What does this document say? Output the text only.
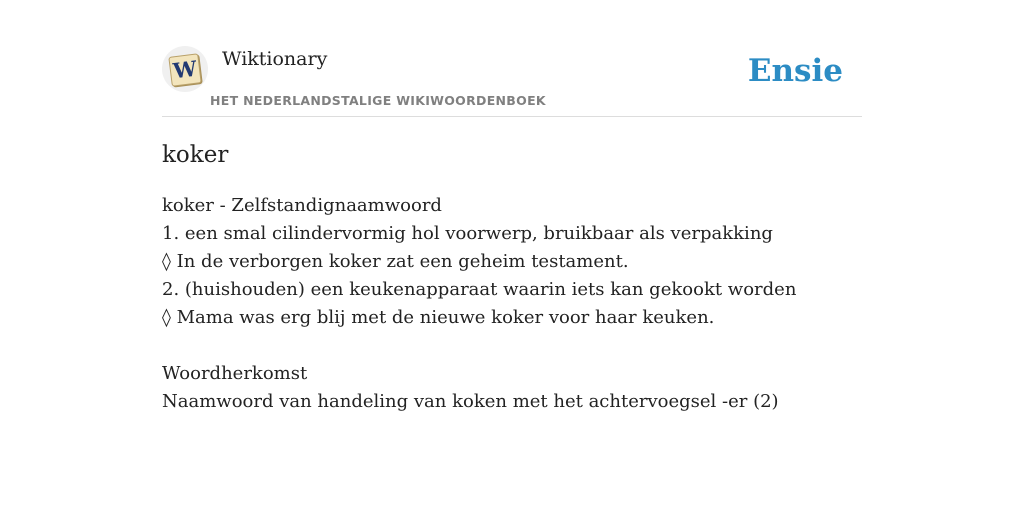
W Wiktionary
HET NEDERLANDSTALIGE WIKIWOORDENBOEK
Ensie
koker
koker - Zelfstandignaamwoord
1. een smal cilindervormig hol voorwerp, bruikbaar als verpakking
◊ In de verborgen koker zat een geheim testament.
2. (huishouden) een keukenapparaat waarin iets kan gekookt worden
◊ Mama was erg blij met de nieuwe koker voor haar keuken.
Woordherkomst
Naamwoord van handeling van koken met het achtervoegsel -er (2)
